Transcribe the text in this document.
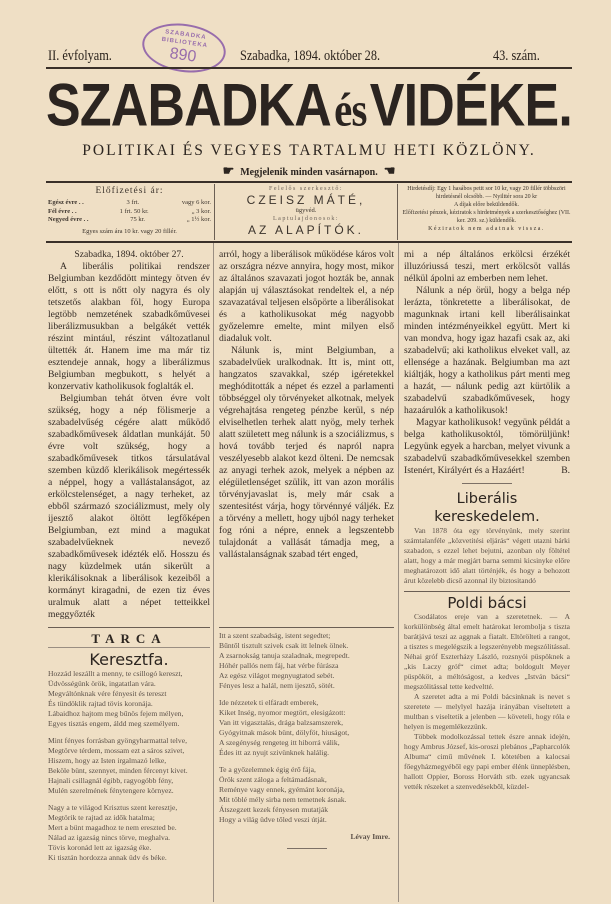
II. évfolyam.	Szabadka, 1894. október 28.	43. szám.
SZABADKA BIBLIOTEKA
890
SZABADKA és VIDÉKE.
POLITIKAI ÉS VEGYES TARTALMU HETI KÖZLÖNY.
☛ Megjelenik minden vasárnapon. ☚
Előfizetési ár:
Egész évre . .	3 frt.	vagy 6 kor.
Fél évre . .	1 frt. 50 kr.	„ 3 kor.
Negyed évre . .	75 kr.	„ 1½ kor.
Egyes szám ára 10 kr. vagy 20 fillér.
Felelős szerkesztő:
CZEISZ MÁTÉ,
ügyvéd.
Laptulajdonosok:
AZ ALAPÍTÓK.
Hirdetésdíj: Egy 1 hasábos petit sor 10 kr, vagy 20 fillér többszöri hirdetésnél olcsóbb. — Nyilttér sora 20 kr
A díjak előre beküldendők.
Előfizetési pénzek, kéziratok s hirdetmények a szerkesztőséghez (VII. ker. 209. sz.) küldendők.
Kéziratok nem adatnak vissza.

Szabadka, 1894. október 27.

A liberális politikai rendszer Belgiumban kezdődött mintegy ötven év előtt, s ott is nőtt oly nagyra és oly tetszetős alakban föl, hogy Europa legtöbb nemzetének szabadkőművesei liberálizmusukban a belgákét vették részint mintául, részint változatlanul ültették át. Hanem ime ma már tiz esztendeje annak, hogy a liberálizmus Belgiumban megbukott, s helyét a konzervativ katholikusok foglalták el.

Belgiumban tehát ötven évre volt szükség, hogy a nép fölismerje a szabadelvűség cégére alatt működő szabadkőművesek áldatlan munkáját. 50 évre volt szükség, hogy a szabadkőművesek titkos társulatával szemben küzdő klerikálisok megértessék a néppel, hogy a vallástalanságot, az erkölcstelenséget, a nagy terheket, az ebből származó szociálizmust, mely oly ijesztő alakot öltött legfőképen Belgiumban, ezt mind a magukat szabadelvűeknek nevező szabadkőművesek idézték elő. Hosszu és nagy küzdelmek után sikerült a klerikálisoknak a liberálisok kezeiből a kormányt kiragadni, de ezen tiz éves uralmuk alatt a népet tetteikkel meggyőzték

TARCA
Keresztfa.
Hozzád leszállt a menny, te csillogó kereszt,
Üdvösségünk örök, ingatatlan vára.
Megváltónknak vére fényesit és tereszt
És tündöklik rajtad tövis koronája.
Lábaidhoz hajtom meg bűnös fejem mélyen,
Egyes tisztás engem, áldd meg személyem.
Mint fényes forrásban gyöngyharmattal telve,
Megtörve térdem, mossam ezt a sáros szivet,
Hiszem, hogy az Isten irgalmazó lelke,
Beköle bünt, szennyet, minden fércenyt kivet.
Hajnali csillagnál égibb, ragyogóbb fény,
Mulén szerelmének fénytengere környez.
Nagy a te világod Krisztus szent keresztje,
Megtörik te rajtad az idők hatalma;
Mert a bünt magadhoz te nem ereszted be.
Nálad az igazság nincs törve, meghalva.
Tövis koronád lett az igazság éke.
Ki tisztán hordozza annak üdv és béke.

arról, hogy a liberálisok működése káros volt az országra nézve annyira, hogy most, mikor az általános szavazati jogot hozták be, annak alapján uj választásokat rendeltek el, a nép szavazatával teljesen elsöpörte a liberálisokat és a katholikusokat még nagyobb győzelemre emelte, mint milyen első diadaluk volt.

Nálunk is, mint Belgiumban, a szabadelvűek uralkodnak. Itt is, mint ott, hangzatos szavakkal, szép igéretekkel meghóditották a népet és ezzel a parlamenti többséggel oly törvényeket alkotnak, melyek végrehajtása rengeteg pénzbe kerül, s nép elviselhetlen terhek alatt nyög, mely terhek alatt született meg nálunk is a szociálizmus, s hová tovább terjed és napról napra veszélyesebb alakot kezd ölteni. De nemcsak az anyagi terhek azok, melyek a népben az elégületlenséget szülik, itt van azon morális törvényjavaslat is, mely már csak a szentesitést várja, hogy törvénnyé váljék. Ez a törvény a mellett, hogy ujból nagy terheket fog róni a népre, ennek a legszentebb tulajdonát a vallását támadja meg, a vallástalanságnak szabad tért enged,

Itt a szent szabadság, istent segedtet;
Bűntől tisztult szivek csak itt lelnek ölnek.
A zsarnokság tanuja szaladnak, megrepedt.
Hóhér pallós nem fáj, hat vérbe fúrásza
Az egész világot megnyugtatod sebét.
Fényes lesz a halál, nem ijesztő, sötét.
Ide nézzetek ti elfáradt emberek,
Kiket Inség, nyomor megtört, elesigázott:
Van itt vigasztalás, drága balzsamszerek,
Gyógyitnak mások bünt, dölyföt, hiuságot,
A szegénység rengeteg itt hiborrá válik,
Édes itt az nyujt szivünknek halálig.
Te a győzelemnek égig érő fája,
Örök szent záloga a feltámadásnak,
Reménye vagy ennek, gyémánt koronája,
Mit töblé mély sirba nem temetnek ásnak.
Átszegzett kezek fényesen mutatják
Hogy a világ üdve tőled veszi útját.
Lévay Imre.

mi a nép általános erkölcsi érzékét illuzóriussá teszi, mert erkölcsöt vallás nélkül ápolni az emberben nem lehet.

Nálunk a nép örül, hogy a belga nép lerázta, tönkretette a liberálisokat, de magunknak irtani kell liberálisainkat minden intézményeikkel együtt. Mert ki van mondva, hogy igaz hazafi csak az, aki szabadelvű; aki katholikus elveket vall, az ellensége a hazának. Belgiumban ma azt kiáltják, hogy a katholikus párt menti meg a hazát, — nálunk pedig azt kürtölik a szabadelvű szabadkőművesek, hogy hazaárulók a katholikusok!

Magyar katholikusok! vegyünk példát a belga katholikusoktól, tömörüljünk! Legyünk egyek a harcban, melyet vivunk a szabadelvű szabadkőművesekkel szemben Istenért, Királyért és a Hazáért!	B.

Liberális kereskedelem.

Van 1878 óta egy törvényünk, mely szerint számtalanféle „közvetitési eljárás“ végett utazni bárki szabadon, s ezzel lehet bejutni, azonban oly föltétel alatt, hogy a már megjárt barna semmi kicsinyke előre meghatározott idő alatt történjék, és hogy a behozott árut közelebb dicső azonnal ily biztositandó

Poldi bácsi

Csodálatos ereje van a szeretetnek. — A korkülönbség által emelt határokat lerombolja s tiszta barátjává teszi az aggnak a fiatalt. Eltörölteti a rangot, a tisztes s megelégszik a legszerényebb megszólitással. Néhai gróf Eszterházy László, rozsnyói püspöknek a „kis Laczy gróf“ cimet adta; boldogult Meyer püspököt, a méltóságost, a kedves „István bácsi“ megszólitással tette kedveltté.

A szeretet adta a mi Poldi bácsinknak is nevet s szeretete — melylyel hazája irányában viseltetett a multban s viseltetik a jelenben — követeli, hogy róla e helyen is megemlékezzünk.

Többek modolkozással tettek észre annak idején, hogy Ambrus József, kis-oroszi plebános „Papharcolók Albuma“ cimű művének I. kötetében a kalocsai főegyházmegyéből egy papi ember élénk ünneplésben, hallott Oppier, Boross Horváth stb. ezek ugyancsak vették részeket a szenvedésekből, küzdel-
